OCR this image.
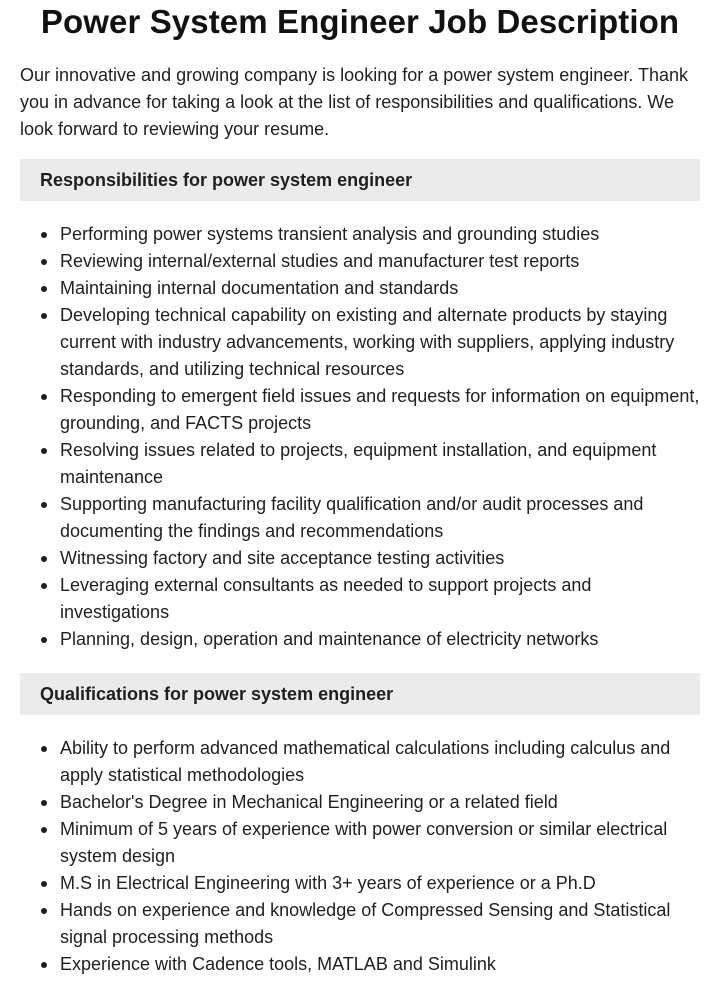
Power System Engineer Job Description

Our innovative and growing company is looking for a power system engineer. Thank you in advance for taking a look at the list of responsibilities and qualifications. We look forward to reviewing your resume.

Responsibilities for power system engineer
Performing power systems transient analysis and grounding studies
Reviewing internal/external studies and manufacturer test reports
Maintaining internal documentation and standards
Developing technical capability on existing and alternate products by staying current with industry advancements, working with suppliers, applying industry standards, and utilizing technical resources
Responding to emergent field issues and requests for information on equipment, grounding, and FACTS projects
Resolving issues related to projects, equipment installation, and equipment maintenance
Supporting manufacturing facility qualification and/or audit processes and documenting the findings and recommendations
Witnessing factory and site acceptance testing activities
Leveraging external consultants as needed to support projects and investigations
Planning, design, operation and maintenance of electricity networks
Qualifications for power system engineer
Ability to perform advanced mathematical calculations including calculus and apply statistical methodologies
Bachelor's Degree in Mechanical Engineering or a related field
Minimum of 5 years of experience with power conversion or similar electrical system design
M.S in Electrical Engineering with 3+ years of experience or a Ph.D
Hands on experience and knowledge of Compressed Sensing and Statistical signal processing methods
Experience with Cadence tools, MATLAB and Simulink
